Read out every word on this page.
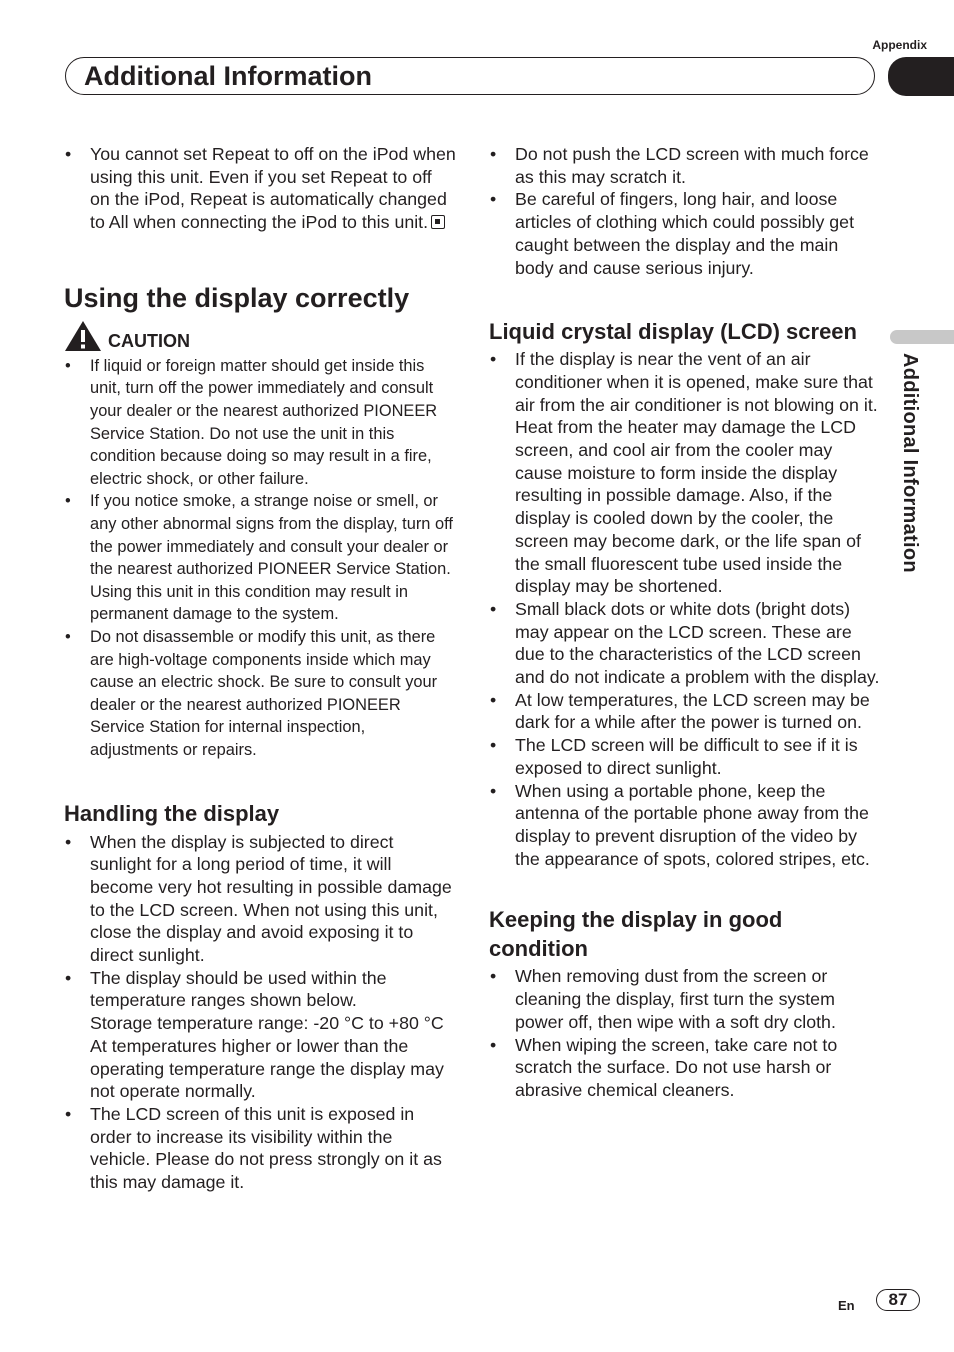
Appendix
Additional Information
Additional Information
• You cannot set Repeat to off on the iPod when using this unit. Even if you set Repeat to off on the iPod, Repeat is automatically changed to All when connecting the iPod to this unit.
Using the display correctly
CAUTION
• If liquid or foreign matter should get inside this unit, turn off the power immediately and consult your dealer or the nearest authorized PIONEER Service Station. Do not use the unit in this condition because doing so may result in a fire, electric shock, or other failure.
• If you notice smoke, a strange noise or smell, or any other abnormal signs from the display, turn off the power immediately and consult your dealer or the nearest authorized PIONEER Service Station. Using this unit in this condition may result in permanent damage to the system.
• Do not disassemble or modify this unit, as there are high-voltage components inside which may cause an electric shock. Be sure to consult your dealer or the nearest authorized PIONEER Service Station for internal inspection, adjustments or repairs.
Handling the display
• When the display is subjected to direct sunlight for a long period of time, it will become very hot resulting in possible damage to the LCD screen. When not using this unit, close the display and avoid exposing it to direct sunlight.
• The display should be used within the temperature ranges shown below.
Storage temperature range: -20 °C to +80 °C
At temperatures higher or lower than the operating temperature range the display may not operate normally.
• The LCD screen of this unit is exposed in order to increase its visibility within the vehicle. Please do not press strongly on it as this may damage it.
• Do not push the LCD screen with much force as this may scratch it.
• Be careful of fingers, long hair, and loose articles of clothing which could possibly get caught between the display and the main body and cause serious injury.
Liquid crystal display (LCD) screen
• If the display is near the vent of an air conditioner when it is opened, make sure that air from the air conditioner is not blowing on it. Heat from the heater may damage the LCD screen, and cool air from the cooler may cause moisture to form inside the display resulting in possible damage. Also, if the display is cooled down by the cooler, the screen may become dark, or the life span of the small fluorescent tube used inside the display may be shortened.
• Small black dots or white dots (bright dots) may appear on the LCD screen. These are due to the characteristics of the LCD screen and do not indicate a problem with the display.
• At low temperatures, the LCD screen may be dark for a while after the power is turned on.
• The LCD screen will be difficult to see if it is exposed to direct sunlight.
• When using a portable phone, keep the antenna of the portable phone away from the display to prevent disruption of the video by the appearance of spots, colored stripes, etc.
Keeping the display in good condition
• When removing dust from the screen or cleaning the display, first turn the system power off, then wipe with a soft dry cloth.
• When wiping the screen, take care not to scratch the surface. Do not use harsh or abrasive chemical cleaners.
En	87
